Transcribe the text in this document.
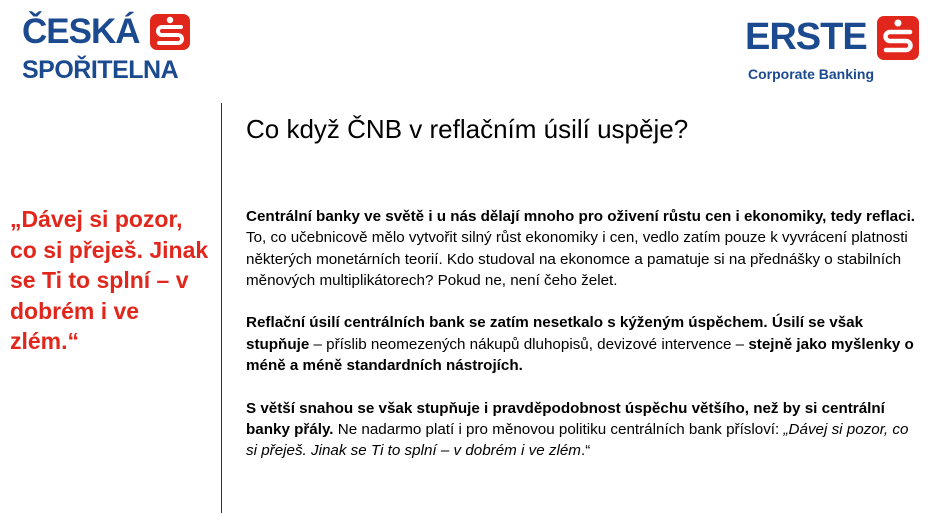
ČESKÁ
SPOŘITELNA
ERSTE
Corporate Banking
Co když ČNB v reflačním úsilí uspěje?
„Dávej si pozor, co si přeješ. Jinak se Ti to splní – v dobrém i ve zlém.“

Centrální banky ve světě i u nás dělají mnoho pro oživení růstu cen i ekonomiky, tedy reflaci. To, co učebnicově mělo vytvořit silný růst ekonomiky i cen, vedlo zatím pouze k vyvrácení platnosti některých monetárních teorií. Kdo studoval na ekonomce a pamatuje si na přednášky o stabilních měnových multiplikátorech? Pokud ne, není čeho želet.

Reflační úsilí centrálních bank se zatím nesetkalo s kýženým úspěchem. Úsilí se však stupňuje – příslib neomezených nákupů dluhopisů, devizové intervence – stejně jako myšlenky o méně a méně standardních nástrojích.

S větší snahou se však stupňuje i pravděpodobnost úspěchu většího, než by si centrální banky přály. Ne nadarmo platí i pro měnovou politiku centrálních bank přísloví: „Dávej si pozor, co si přeješ. Jinak se Ti to splní – v dobrém i ve zlém.“
